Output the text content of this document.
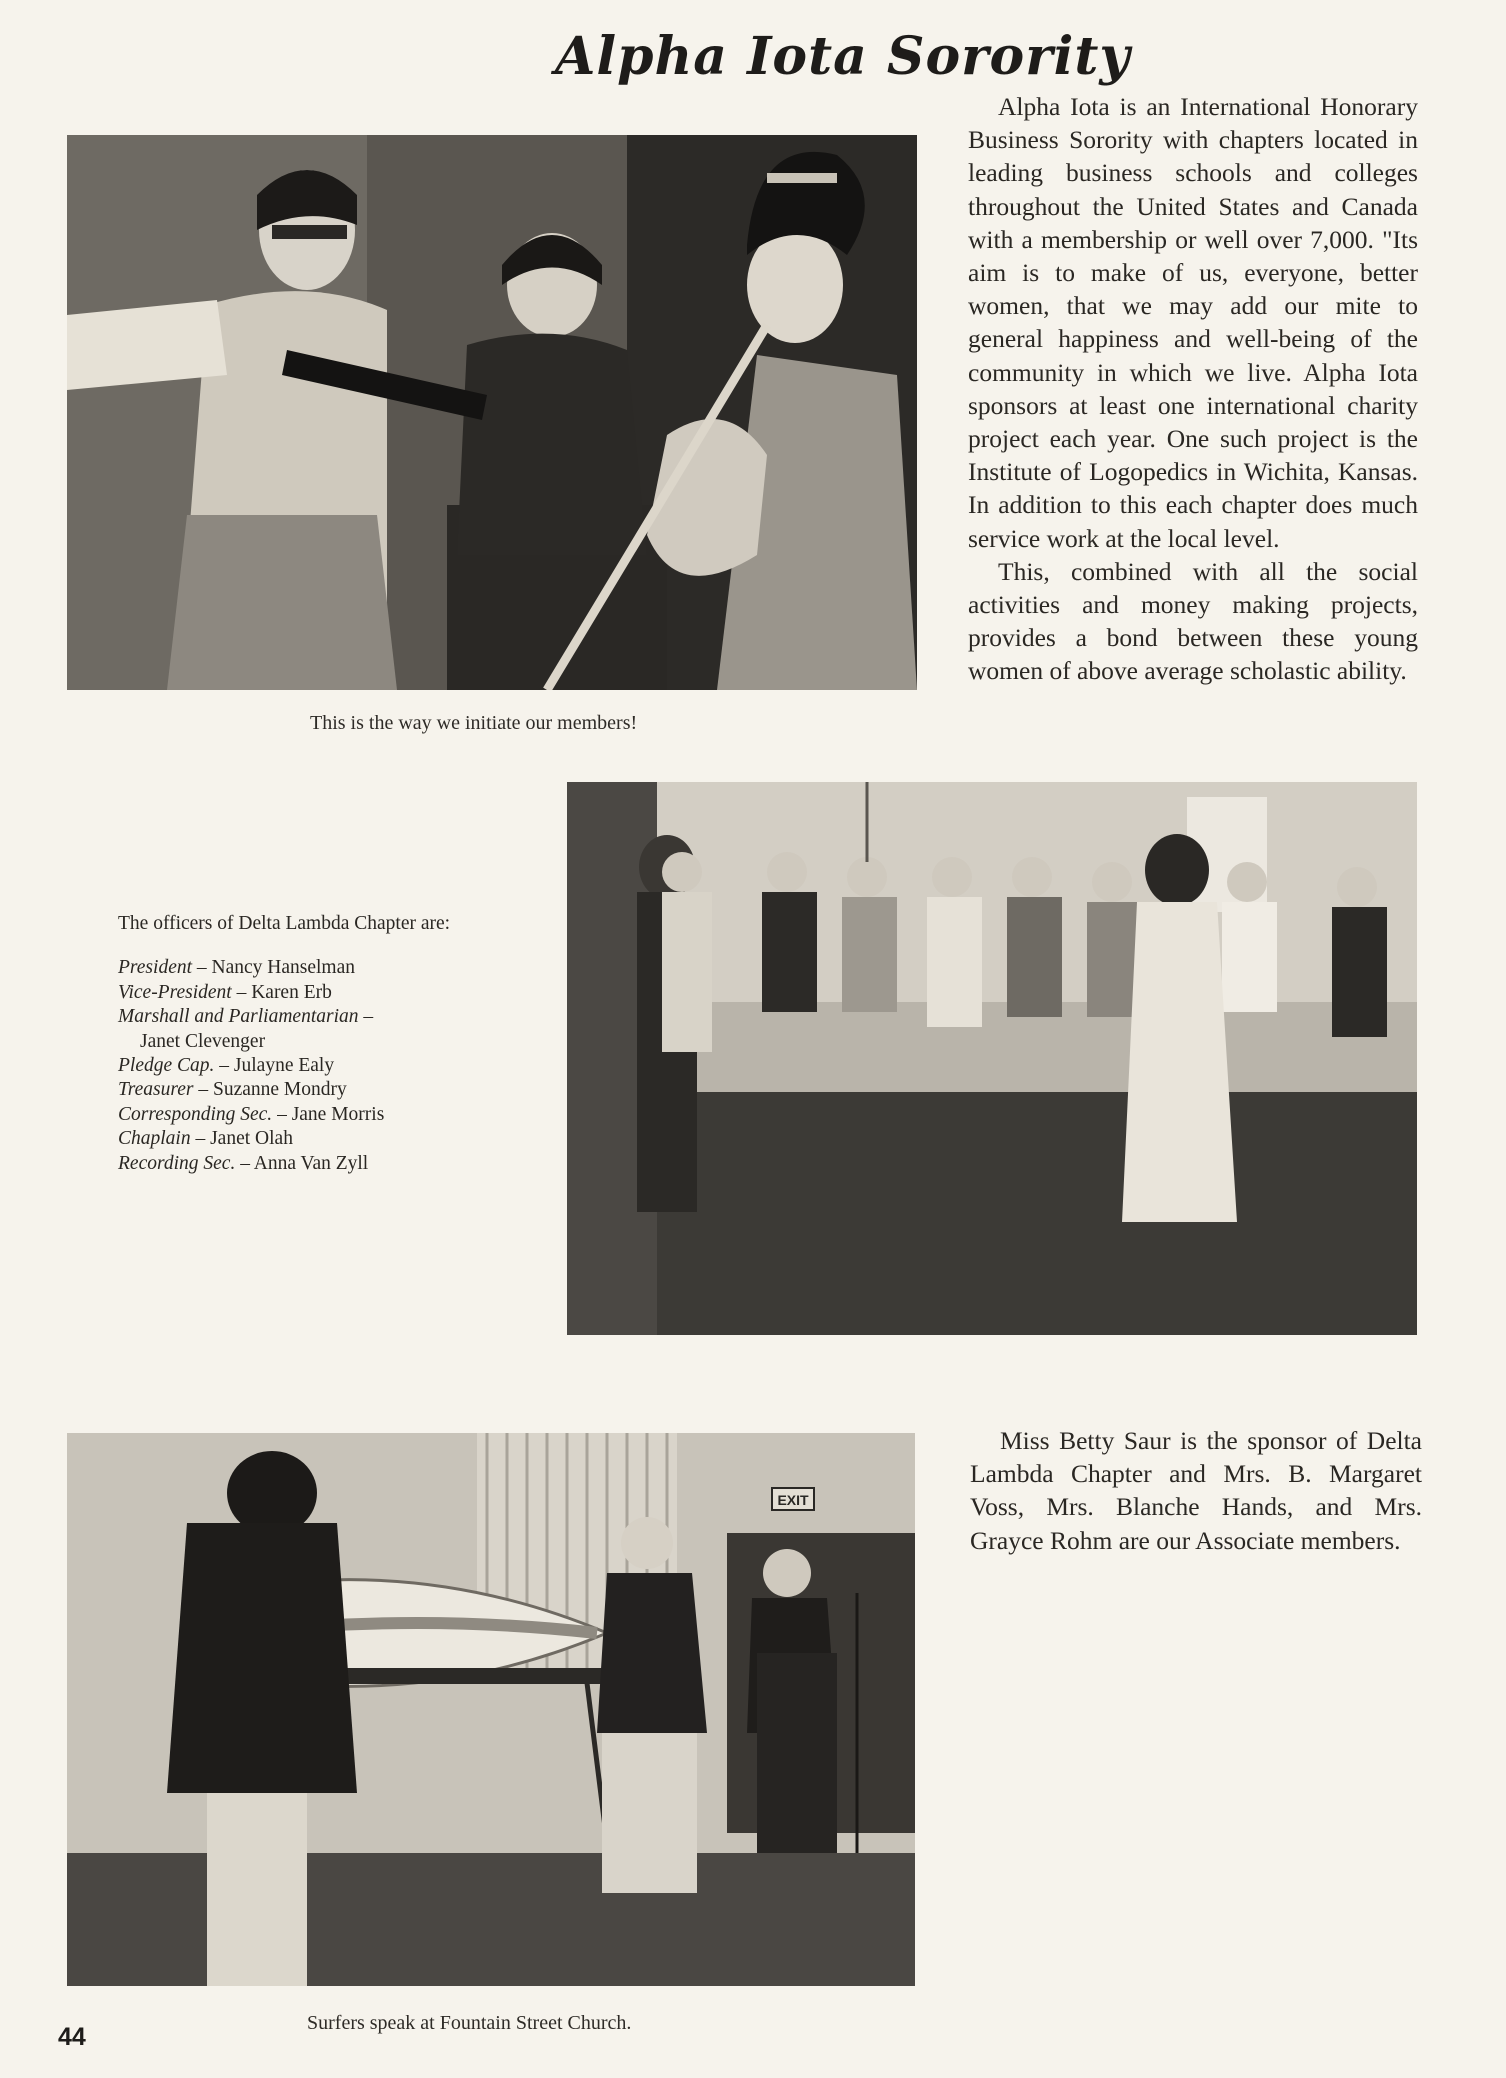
Alpha Iota Sorority
This is the way we initiate our members!

Alpha Iota is an International Honorary Business Sorority with chapters located in leading business schools and colleges throughout the United States and Canada with a membership or well over 7,000. "Its aim is to make of us, everyone, better women, that we may add our mite to general happiness and well-being of the community in which we live. Alpha Iota sponsors at least one international charity project each year. One such project is the Institute of Logopedics in Wichita, Kansas. In addition to this each chapter does much service work at the local level.

This, combined with all the social activities and money making projects, provides a bond between these young women of above average scholastic ability.

The officers of Delta Lambda Chapter are:
President – Nancy Hanselman
Vice-President – Karen Erb
Marshall and Parliamentarian –
Janet Clevenger
Pledge Cap. – Julayne Ealy
Treasurer – Suzanne Mondry
Corresponding Sec. – Jane Morris
Chaplain – Janet Olah
Recording Sec. – Anna Van Zyll
EXIT

Miss Betty Saur is the sponsor of Delta Lambda Chapter and Mrs. B. Margaret Voss, Mrs. Blanche Hands, and Mrs. Grayce Rohm are our Associate members.

Surfers speak at Fountain Street Church.
44
